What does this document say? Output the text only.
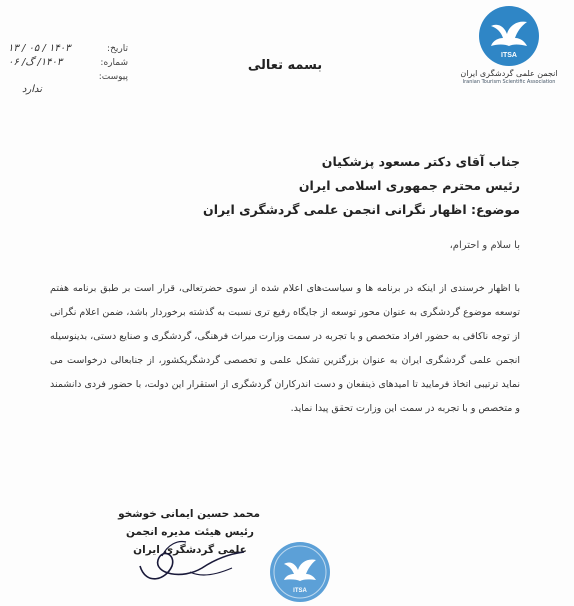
ITSA
انجمن علمی گردشگری ایران
Iranian Tourism Scientific Association
بسمه تعالی
تاریخ:
۱۴۰۳ / ۰۵ / ۱۳
شماره:
۱۴۰۳/ گ/ ۰۶
پیوست:
ندارد
جناب آقای دکتر مسعود پزشکیان
رئیس محترم جمهوری اسلامی ایران
موضوع: اظهار نگرانی انجمن علمی گردشگری ایران
با سلام و احترام،
با اظهار خرسندی از اینکه در برنامه ها و سیاست‌های اعلام شده از سوی حضرتعالی، قرار است بر طبق برنامه هفتم توسعه موضوع گردشگری به عنوان محور توسعه از جایگاه رفیع تری نسبت به گذشته برخوردار باشد، ضمن اعلام نگرانی از توجه ناکافی به حضور افراد متخصص و با تجربه در سمت وزارت میراث فرهنگی، گردشگری و صنایع دستی، بدینوسیله انجمن علمی گردشگری ایران به عنوان بزرگترین تشکل علمی و تخصصی گردشگریکشور، از جنابعالی درخواست می نماید ترتیبی اتخاذ فرمایید تا امیدهای ذینفعان و دست اندرکاران گردشگری از استقرار این دولت، با حضور فردی دانشمند و متخصص و با تجربه در سمت این وزارت تحقق پیدا نماید.
محمد حسین ایمانی خوشخو
رئیس هیئت مدیره انجمن
علمی گردشگری ایران
ITSA
